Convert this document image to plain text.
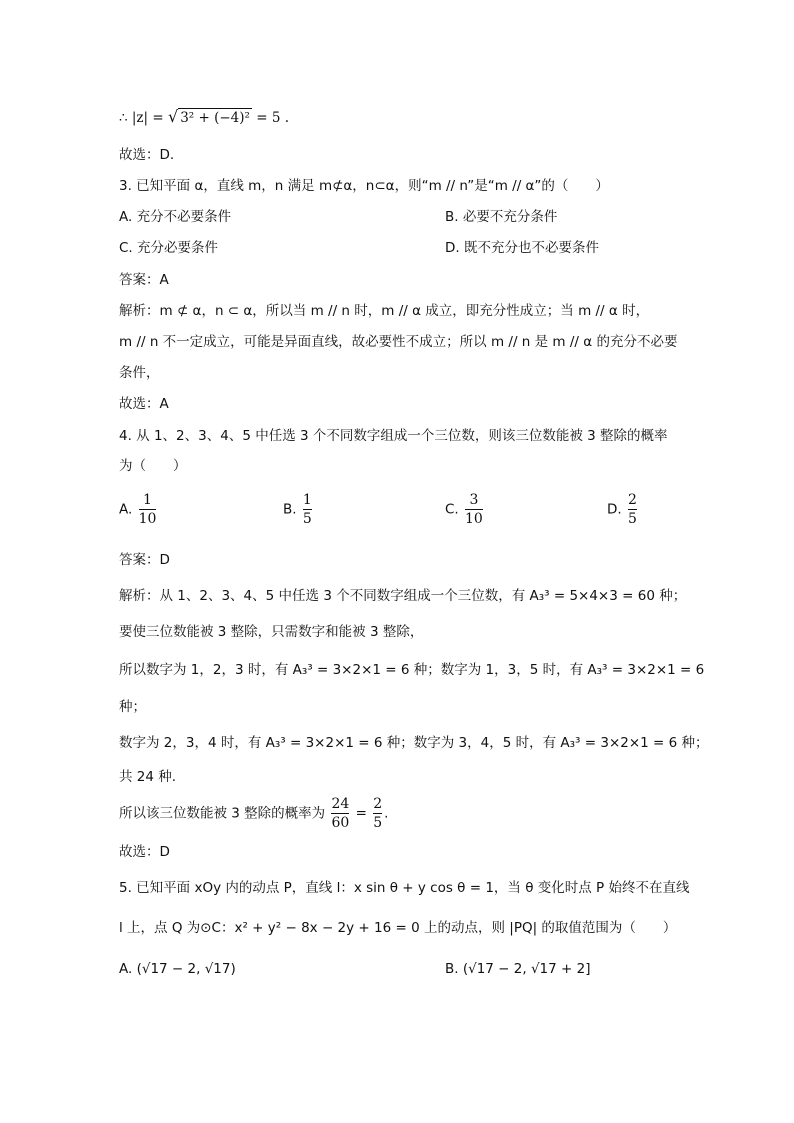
∴ |z| = √ 3² + (−4)² = 5 .
故选：D.
3. 已知平面 α，直线 m，n 满足 m⊄α，n⊂α，则“m // n”是“m // α”的（　　）
A. 充分不必要条件	B. 必要不充分条件
C. 充分必要条件	D. 既不充分也不必要条件
答案：A
解析：m ⊄ α，n ⊂ α，所以当 m // n 时，m // α 成立，即充分性成立；当 m // α 时，
m // n 不一定成立，可能是异面直线，故必要性不成立；所以 m // n 是 m // α 的充分不必要
条件，
故选：A
4. 从 1、2、3、4、5 中任选 3 个不同数字组成一个三位数，则该三位数能被 3 整除的概率
为（　　）
A. $\frac{1}{10}$	B. $\frac{1}{5}$	C. $\frac{3}{10}$	D. $\frac{2}{5}$
答案：D
解析：从 1、2、3、4、5 中任选 3 个不同数字组成一个三位数，有 A₃³ = 5×4×3 = 60 种；
要使三位数能被 3 整除，只需数字和能被 3 整除，
所以数字为 1，2，3 时，有 A₃³ = 3×2×1 = 6 种；数字为 1，3，5 时，有 A₃³ = 3×2×1 = 6
种；
数字为 2，3，4 时，有 A₃³ = 3×2×1 = 6 种；数字为 3，4，5 时，有 A₃³ = 3×2×1 = 6 种；
共 24 种.
所以该三位数能被 3 整除的概率为 $\frac{24}{60} = \frac{2}{5}$ .
故选：D
5. 已知平面 xOy 内的动点 P，直线 l：x sin θ + y cos θ = 1，当 θ 变化时点 P 始终不在直线
l 上，点 Q 为⊙C：x² + y² − 8x − 2y + 16 = 0 上的动点，则 |PQ| 的取值范围为（　　）
A. (√17 − 2, √17)	B. (√17 − 2, √17 + 2]
